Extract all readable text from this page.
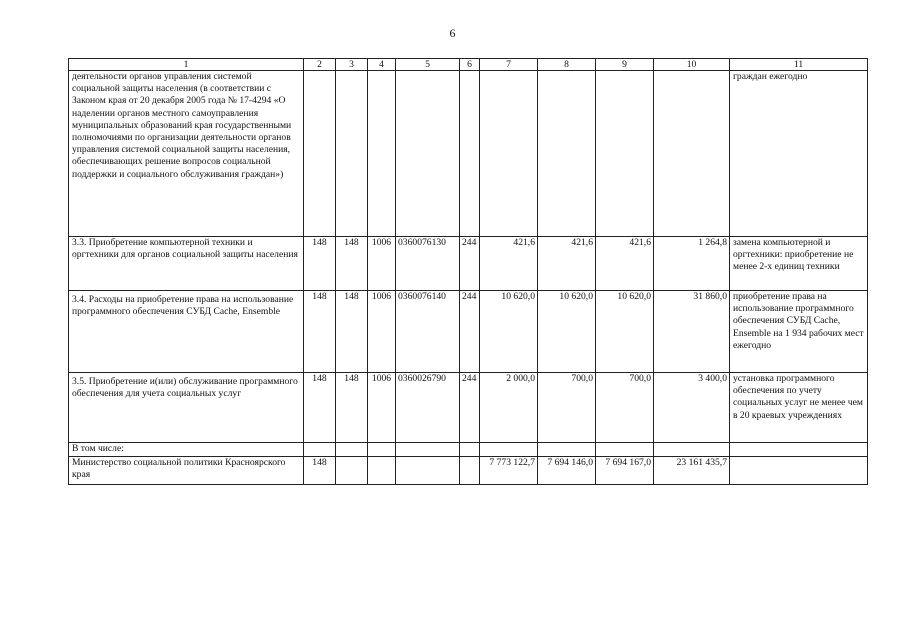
6
1	2	3	4	5	6	7	8	9	10	11
деятельности органов управления системой социальной защиты населения (в соответствии с Законом края от 20 декабря 2005 года № 17-4294 «О наделении органов местного самоуправления муниципальных образований края государственными полномочиями по организации деятельности органов управления системой социальной защиты населения, обеспечивающих решение вопросов социальной поддержки и социального обслуживания граждан»)										граждан ежегодно
3.3. Приобретение компьютерной техники и оргтехники для органов социальной защиты населения	148	148	1006	0360076130	244	421,6	421,6	421,6	1 264,8	замена компьютерной и оргтехники: приобретение не менее 2-х единиц техники
3.4. Расходы на приобретение права на использование программного обеспечения СУБД Cache, Ensemble	148	148	1006	0360076140	244	10 620,0	10 620,0	10 620,0	31 860,0	приобретение права на использование программного обеспечения СУБД Cache, Ensemble на 1 934 рабочих мест ежегодно
3.5. Приобретение и(или) обслуживание программного обеспечения для учета социальных услуг	148	148	1006	0360026790	244	2 000,0	700,0	700,0	3 400,0	установка программного обеспечения по учету социальных услуг не менее чем в 20 краевых учреждениях
В том числе:										
Министерство социальной политики Красноярского края	148					7 773 122,7	7 694 146,0	7 694 167,0	23 161 435,7	
